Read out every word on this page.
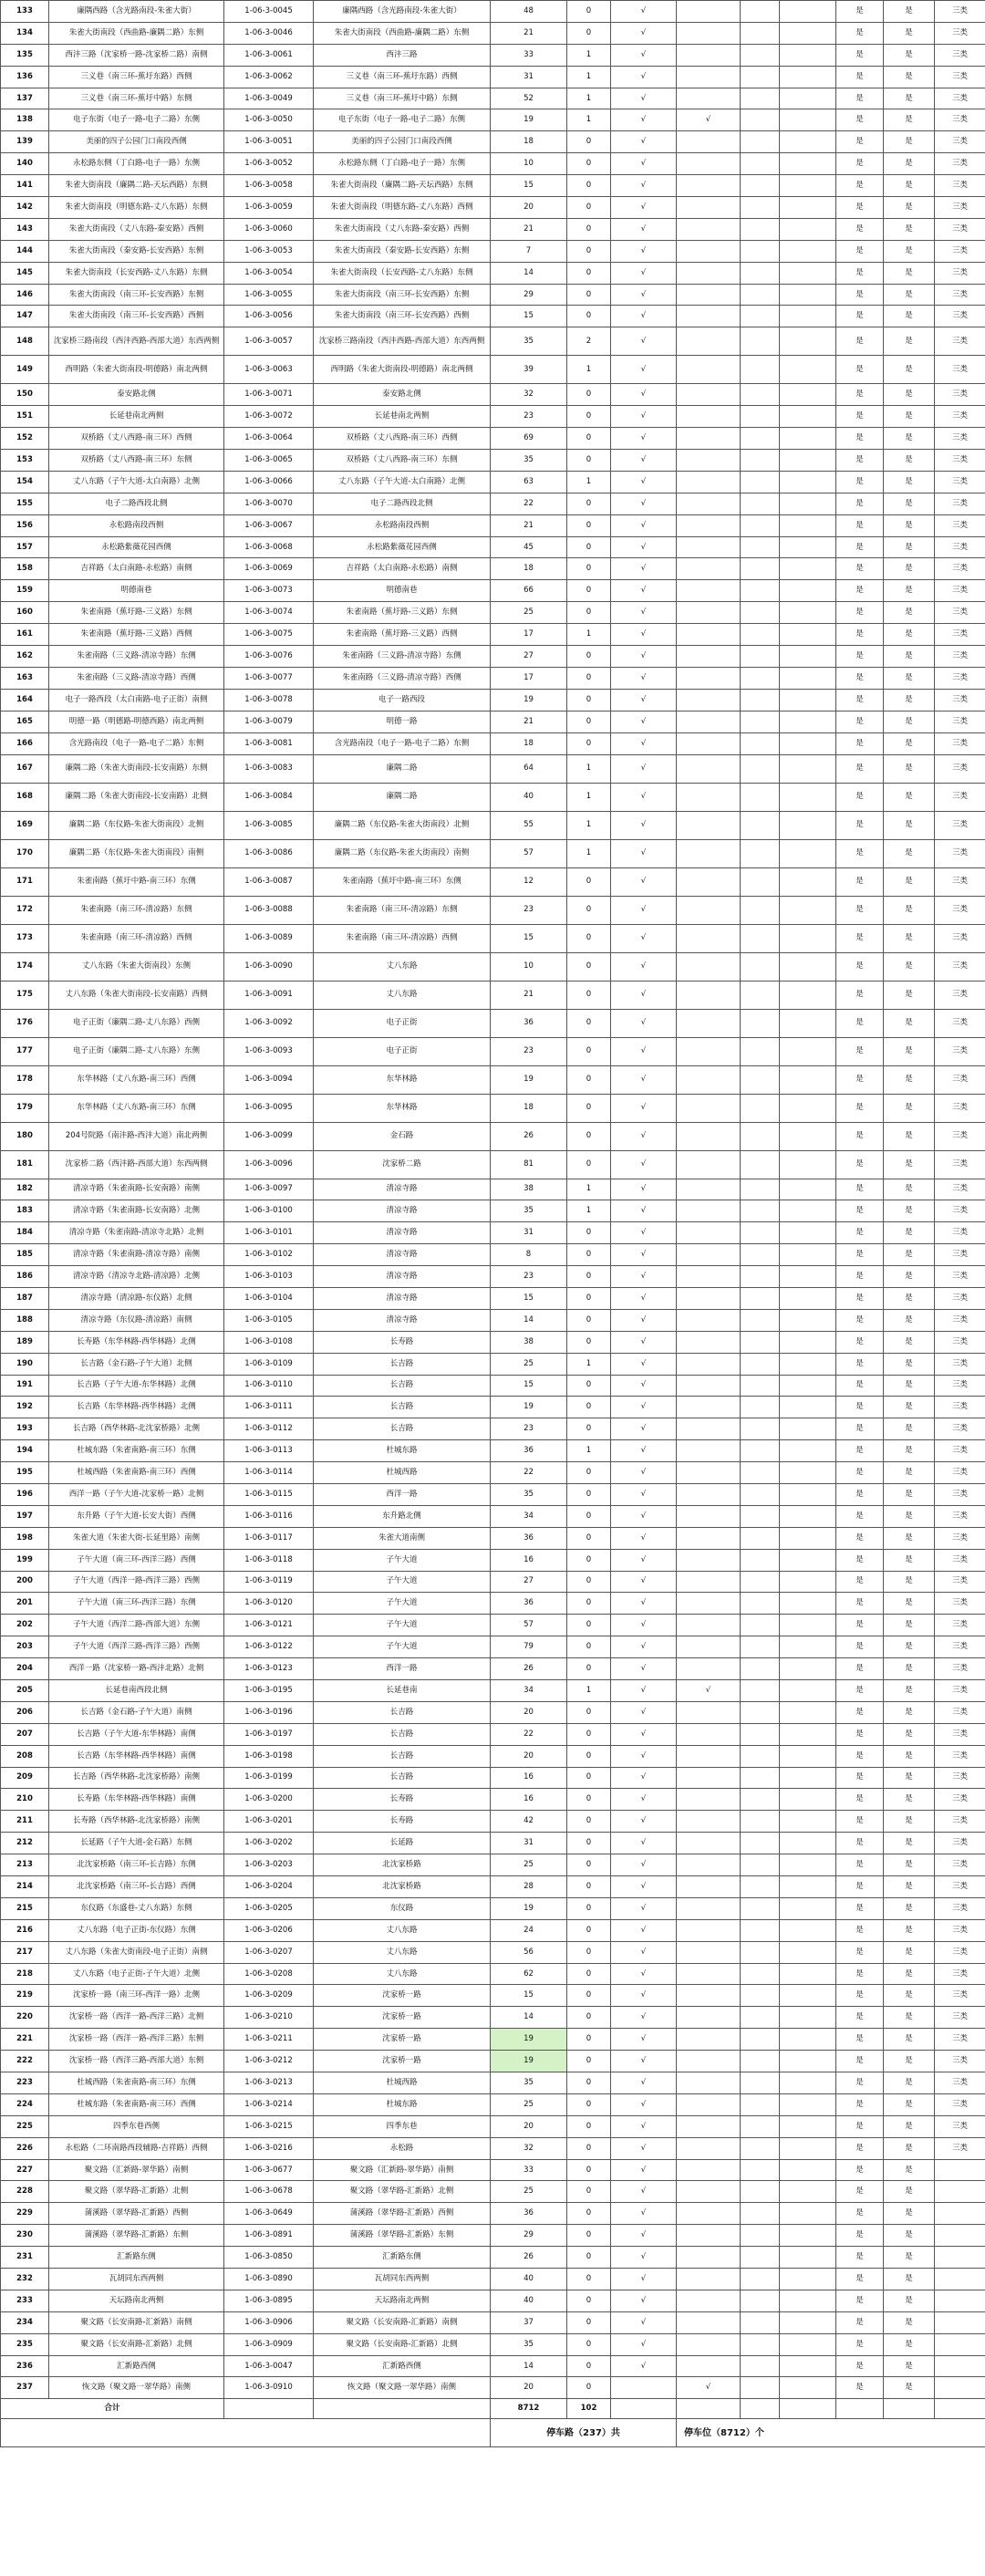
133	廉隅西路（含光路南段-朱雀大街）	1-06-3-0045	廉隅西路（含光路南段-朱雀大街）	48	0	√				是	是	三类
134	朱雀大街南段（西曲路-廉隅二路）东侧	1-06-3-0046	朱雀大街南段（西曲路-廉隅二路）东侧	21	0	√				是	是	三类
135	西沣三路（沈家桥一路-沈家桥二路）南侧	1-06-3-0061	西沣三路	33	1	√				是	是	三类
136	三义巷（南三环-蕉圩东路）西侧	1-06-3-0062	三义巷（南三环-蕉圩东路）西侧	31	1	√				是	是	三类
137	三义巷（南三环-蕉圩中路）东侧	1-06-3-0049	三义巷（南三环-蕉圩中路）东侧	52	1	√				是	是	三类
138	电子东街（电子一路-电子二路）东侧	1-06-3-0050	电子东街（电子一路-电子二路）东侧	19	1	√	√			是	是	三类
139	美丽的四子公园门口南段西侧	1-06-3-0051	美丽的四子公园门口南段西侧	18	0	√				是	是	三类
140	永松路东侧（丁白路-电子一路）东侧	1-06-3-0052	永松路东侧（丁白路-电子一路）东侧	10	0	√				是	是	三类
141	朱雀大街南段（廉隅二路-天坛西路）东侧	1-06-3-0058	朱雀大街南段（廉隅二路-天坛西路）东侧	15	0	√				是	是	三类
142	朱雀大街南段（明德东路-丈八东路）东侧	1-06-3-0059	朱雀大街南段（明德东路-丈八东路）西侧	20	0	√				是	是	三类
143	朱雀大街南段（丈八东路-秦安路）西侧	1-06-3-0060	朱雀大街南段（丈八东路-秦安路）西侧	21	0	√				是	是	三类
144	朱雀大街南段（秦安路-长安西路）东侧	1-06-3-0053	朱雀大街南段（秦安路-长安西路）东侧	7	0	√				是	是	三类
145	朱雀大街南段（长安西路-丈八东路）东侧	1-06-3-0054	朱雀大街南段（长安西路-丈八东路）东侧	14	0	√				是	是	三类
146	朱雀大街南段（南三环-长安西路）东侧	1-06-3-0055	朱雀大街南段（南三环-长安西路）东侧	29	0	√				是	是	三类
147	朱雀大街南段（南三环-长安西路）西侧	1-06-3-0056	朱雀大街南段（南三环-长安西路）西侧	15	0	√				是	是	三类
148	沈家桥三路南段（西沣西路-西部大道）东西两侧	1-06-3-0057	沈家桥三路南段（西沣西路-西部大道）东西两侧	35	2	√				是	是	三类
149	西明路（朱雀大街南段-明德路）南北两侧	1-06-3-0063	西明路（朱雀大街南段-明德路）南北两侧	39	1	√				是	是	三类
150	泰安路北侧	1-06-3-0071	泰安路北侧	32	0	√				是	是	三类
151	长延巷南北两侧	1-06-3-0072	长延巷南北两侧	23	0	√				是	是	三类
152	双桥路（丈八西路-南三环）西侧	1-06-3-0064	双桥路（丈八西路-南三环）西侧	69	0	√				是	是	三类
153	双桥路（丈八西路-南三环）东侧	1-06-3-0065	双桥路（丈八西路-南三环）东侧	35	0	√				是	是	三类
154	丈八东路（子午大道-太白南路）北侧	1-06-3-0066	丈八东路（子午大道-太白南路）北侧	63	1	√				是	是	三类
155	电子二路西段北侧	1-06-3-0070	电子二路西段北侧	22	0	√				是	是	三类
156	永松路南段西侧	1-06-3-0067	永松路南段西侧	21	0	√				是	是	三类
157	永松路紫薇花园西侧	1-06-3-0068	永松路紫薇花园西侧	45	0	√				是	是	三类
158	吉祥路（太白南路-永松路）南侧	1-06-3-0069	吉祥路（太白南路-永松路）南侧	18	0	√				是	是	三类
159	明德南巷	1-06-3-0073	明德南巷	66	0	√				是	是	三类
160	朱雀南路（蕉圩路-三义路）东侧	1-06-3-0074	朱雀南路（蕉圩路-三义路）东侧	25	0	√				是	是	三类
161	朱雀南路（蕉圩路-三义路）西侧	1-06-3-0075	朱雀南路（蕉圩路-三义路）西侧	17	1	√				是	是	三类
162	朱雀南路（三义路-清凉寺路）东侧	1-06-3-0076	朱雀南路（三义路-清凉寺路）东侧	27	0	√				是	是	三类
163	朱雀南路（三义路-清凉寺路）西侧	1-06-3-0077	朱雀南路（三义路-清凉寺路）西侧	17	0	√				是	是	三类
164	电子一路西段（太白南路-电子正街）南侧	1-06-3-0078	电子一路西段	19	0	√				是	是	三类
165	明德一路（明德路-明德西路）南北两侧	1-06-3-0079	明德一路	21	0	√				是	是	三类
166	含光路南段（电子一路-电子二路）东侧	1-06-3-0081	含光路南段（电子一路-电子二路）东侧	18	0	√				是	是	三类
167	廉隅二路（朱雀大街南段-长安南路）东侧	1-06-3-0083	廉隅二路	64	1	√				是	是	三类
168	廉隅二路（朱雀大街南段-长安南路）北侧	1-06-3-0084	廉隅二路	40	1	√				是	是	三类
169	廉隅二路（东仪路-朱雀大街南段）北侧	1-06-3-0085	廉隅二路（东仪路-朱雀大街南段）北侧	55	1	√				是	是	三类
170	廉隅二路（东仪路-朱雀大街南段）南侧	1-06-3-0086	廉隅二路（东仪路-朱雀大街南段）南侧	57	1	√				是	是	三类
171	朱雀南路（蕉圩中路-南三环）东侧	1-06-3-0087	朱雀南路（蕉圩中路-南三环）东侧	12	0	√				是	是	三类
172	朱雀南路（南三环-清凉路）东侧	1-06-3-0088	朱雀南路（南三环-清凉路）东侧	23	0	√				是	是	三类
173	朱雀南路（南三环-清凉路）西侧	1-06-3-0089	朱雀南路（南三环-清凉路）西侧	15	0	√				是	是	三类
174	丈八东路（朱雀大街南段）东侧	1-06-3-0090	丈八东路	10	0	√				是	是	三类
175	丈八东路（朱雀大街南段-长安南路）西侧	1-06-3-0091	丈八东路	21	0	√				是	是	三类
176	电子正街（廉隅二路-丈八东路）西侧	1-06-3-0092	电子正街	36	0	√				是	是	三类
177	电子正街（廉隅二路-丈八东路）东侧	1-06-3-0093	电子正街	23	0	√				是	是	三类
178	东华林路（丈八东路-南三环）西侧	1-06-3-0094	东华林路	19	0	√				是	是	三类
179	东华林路（丈八东路-南三环）东侧	1-06-3-0095	东华林路	18	0	√				是	是	三类
180	204号院路（南沣路-西沣大道）南北两侧	1-06-3-0099	金石路	26	0	√				是	是	三类
181	沈家桥二路（西沣路-西部大道）东西两侧	1-06-3-0096	沈家桥二路	81	0	√				是	是	三类
182	清凉寺路（朱雀南路-长安南路）南侧	1-06-3-0097	清凉寺路	38	1	√				是	是	三类
183	清凉寺路（朱雀南路-长安南路）北侧	1-06-3-0100	清凉寺路	35	1	√				是	是	三类
184	清凉寺路（朱雀南路-清凉寺北路）北侧	1-06-3-0101	清凉寺路	31	0	√				是	是	三类
185	清凉寺路（朱雀南路-清凉寺路）南侧	1-06-3-0102	清凉寺路	8	0	√				是	是	三类
186	清凉寺路（清凉寺北路-清凉路）北侧	1-06-3-0103	清凉寺路	23	0	√				是	是	三类
187	清凉寺路（清凉路-东仪路）北侧	1-06-3-0104	清凉寺路	15	0	√				是	是	三类
188	清凉寺路（东仪路-清凉路）南侧	1-06-3-0105	清凉寺路	14	0	√				是	是	三类
189	长寿路（东华林路-西华林路）北侧	1-06-3-0108	长寿路	38	0	√				是	是	三类
190	长吉路（金石路-子午大道）北侧	1-06-3-0109	长吉路	25	1	√				是	是	三类
191	长吉路（子午大道-东华林路）北侧	1-06-3-0110	长吉路	15	0	√				是	是	三类
192	长吉路（东华林路-西华林路）北侧	1-06-3-0111	长吉路	19	0	√				是	是	三类
193	长吉路（西华林路-北沈家桥路）北侧	1-06-3-0112	长吉路	23	0	√				是	是	三类
194	杜城东路（朱雀南路-南三环）东侧	1-06-3-0113	杜城东路	36	1	√				是	是	三类
195	杜城西路（朱雀南路-南三环）西侧	1-06-3-0114	杜城西路	22	0	√				是	是	三类
196	西洋一路（子午大道-沈家桥一路）北侧	1-06-3-0115	西洋一路	35	0	√				是	是	三类
197	东升路（子午大道-长安大街）西侧	1-06-3-0116	东升路北侧	34	0	√				是	是	三类
198	朱雀大道（朱雀大街-长延里路）南侧	1-06-3-0117	朱雀大道南侧	36	0	√				是	是	三类
199	子午大道（南三环-西洋三路）西侧	1-06-3-0118	子午大道	16	0	√				是	是	三类
200	子午大道（西洋一路-西洋三路）西侧	1-06-3-0119	子午大道	27	0	√				是	是	三类
201	子午大道（南三环-西洋三路）东侧	1-06-3-0120	子午大道	36	0	√				是	是	三类
202	子午大道（西洋二路-西部大道）东侧	1-06-3-0121	子午大道	57	0	√				是	是	三类
203	子午大道（西洋三路-西洋三路）西侧	1-06-3-0122	子午大道	79	0	√				是	是	三类
204	西洋一路（沈家桥一路-西沣北路）北侧	1-06-3-0123	西洋一路	26	0	√				是	是	三类
205	长延巷南西段北侧	1-06-3-0195	长延巷南	34	1	√	√			是	是	三类
206	长吉路（金石路-子午大道）南侧	1-06-3-0196	长吉路	20	0	√				是	是	三类
207	长吉路（子午大道-东华林路）南侧	1-06-3-0197	长吉路	22	0	√				是	是	三类
208	长吉路（东华林路-西华林路）南侧	1-06-3-0198	长吉路	20	0	√				是	是	三类
209	长吉路（西华林路-北沈家桥路）南侧	1-06-3-0199	长吉路	16	0	√				是	是	三类
210	长寿路（东华林路-西华林路）南侧	1-06-3-0200	长寿路	16	0	√				是	是	三类
211	长寿路（西华林路-北沈家桥路）南侧	1-06-3-0201	长寿路	42	0	√				是	是	三类
212	长延路（子午大道-金石路）东侧	1-06-3-0202	长延路	31	0	√				是	是	三类
213	北沈家桥路（南三环-长吉路）东侧	1-06-3-0203	北沈家桥路	25	0	√				是	是	三类
214	北沈家桥路（南三环-长吉路）西侧	1-06-3-0204	北沈家桥路	28	0	√				是	是	三类
215	东仪路（东盛巷-丈八东路）东侧	1-06-3-0205	东仪路	19	0	√				是	是	三类
216	丈八东路（电子正街-东仪路）东侧	1-06-3-0206	丈八东路	24	0	√				是	是	三类
217	丈八东路（朱雀大街南段-电子正街）南侧	1-06-3-0207	丈八东路	56	0	√				是	是	三类
218	丈八东路（电子正街-子午大道）北侧	1-06-3-0208	丈八东路	62	0	√				是	是	三类
219	沈家桥一路（南三环-西洋一路）北侧	1-06-3-0209	沈家桥一路	15	0	√				是	是	三类
220	沈家桥一路（西洋一路-西洋三路）北侧	1-06-3-0210	沈家桥一路	14	0	√				是	是	三类
221	沈家桥一路（西洋一路-西洋三路）东侧	1-06-3-0211	沈家桥一路	19	0	√				是	是	三类
222	沈家桥一路（西洋三路-西部大道）东侧	1-06-3-0212	沈家桥一路	19	0	√				是	是	三类
223	杜城西路（朱雀南路-南三环）东侧	1-06-3-0213	杜城西路	35	0	√				是	是	三类
224	杜城东路（朱雀南路-南三环）西侧	1-06-3-0214	杜城东路	25	0	√				是	是	三类
225	四季东巷西侧	1-06-3-0215	四季东巷	20	0	√				是	是	三类
226	永松路（二环南路西段辅路-吉祥路）西侧	1-06-3-0216	永松路	32	0	√				是	是	三类
227	聚文路（汇新路-翠华路）南侧	1-06-3-0677	聚文路（汇新路-翠华路）南侧	33	0	√				是	是	
228	聚文路（翠华路-汇新路）北侧	1-06-3-0678	聚文路（翠华路-汇新路）北侧	25	0	√				是	是	
229	蒲溪路（翠华路-汇新路）西侧	1-06-3-0649	蒲溪路（翠华路-汇新路）西侧	36	0	√				是	是	
230	蒲溪路（翠华路-汇新路）东侧	1-06-3-0891	蒲溪路（翠华路-汇新路）东侧	29	0	√				是	是	
231	汇新路东侧	1-06-3-0850	汇新路东侧	26	0	√				是	是	
232	瓦胡同东西两侧	1-06-3-0890	瓦胡同东西两侧	40	0	√				是	是	
233	天坛路南北两侧	1-06-3-0895	天坛路南北两侧	40	0	√				是	是	
234	聚文路（长安南路-汇新路）南侧	1-06-3-0906	聚文路（长安南路-汇新路）南侧	37	0	√				是	是	
235	聚文路（长安南路-汇新路）北侧	1-06-3-0909	聚文路（长安南路-汇新路）北侧	35	0	√				是	是	
236	汇新路西侧	1-06-3-0047	汇新路西侧	14	0	√				是	是	
237	恢文路（聚文路一翠华路）南侧	1-06-3-0910	恢文路（聚文路一翠华路）南侧	20	0		√			是	是	
合计				8712	102							
				停车路（237）共			停车位（8712）个					
